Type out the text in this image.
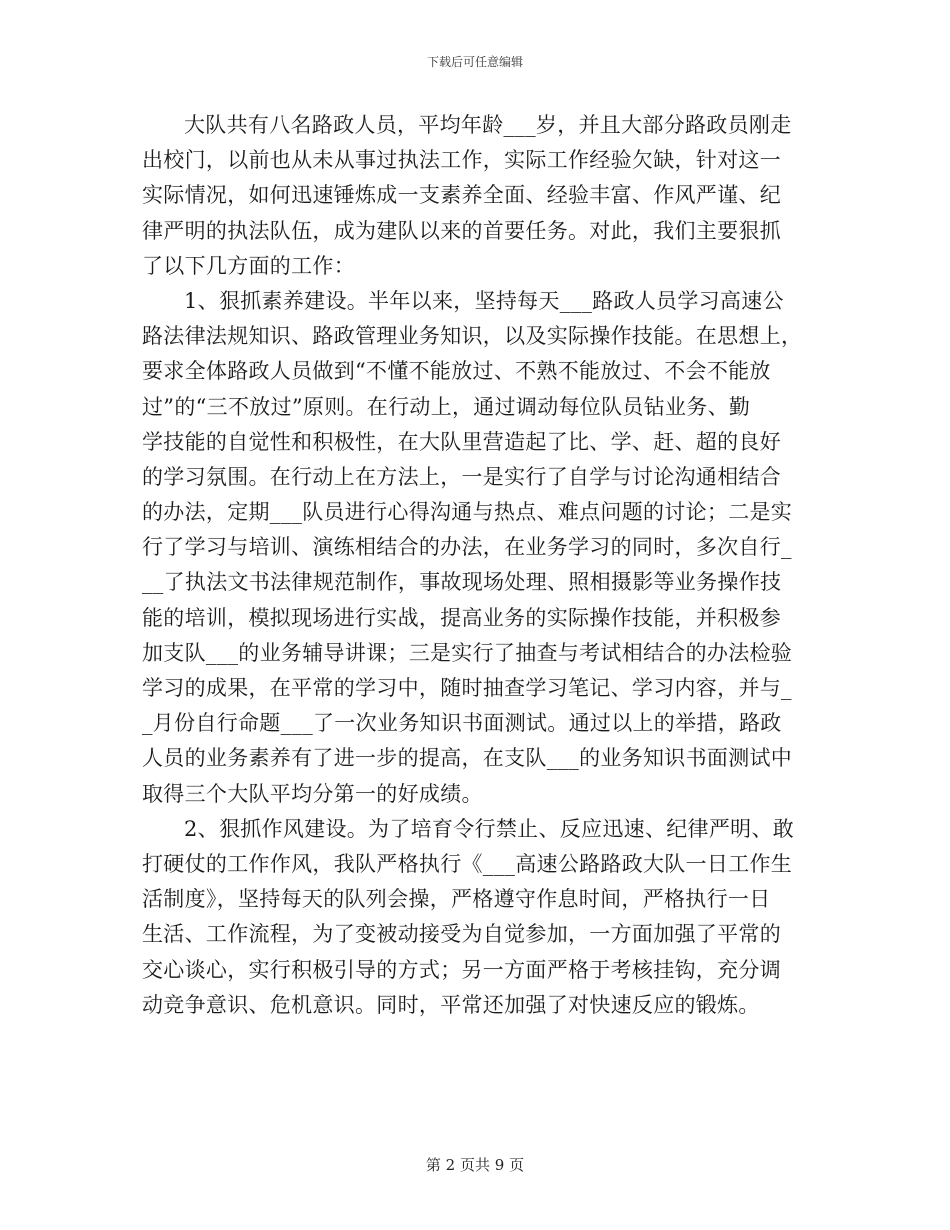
下载后可任意编辑
大队共有八名路政人员，平均年龄___岁，并且大部分路政员刚走
出校门，以前也从未从事过执法工作，实际工作经验欠缺，针对这一
实际情况，如何迅速锤炼成一支素养全面、经验丰富、作风严谨、纪
律严明的执法队伍，成为建队以来的首要任务。对此，我们主要狠抓
了以下几方面的工作：
1、狠抓素养建设。半年以来，坚持每天___路政人员学习高速公
路法律法规知识、路政管理业务知识，以及实际操作技能。在思想上，
要求全体路政人员做到“不懂不能放过、不熟不能放过、不会不能放
过”的“三不放过”原则。在行动上，通过调动每位队员钻业务、勤
学技能的自觉性和积极性，在大队里营造起了比、学、赶、超的良好
的学习氛围。在行动上在方法上，一是实行了自学与讨论沟通相结合
的办法，定期___队员进行心得沟通与热点、难点问题的讨论；二是实
行了学习与培训、演练相结合的办法，在业务学习的同时，多次自行_
__了执法文书法律规范制作，事故现场处理、照相摄影等业务操作技
能的培训，模拟现场进行实战，提高业务的实际操作技能，并积极参
加支队___的业务辅导讲课；三是实行了抽查与考试相结合的办法检验
学习的成果，在平常的学习中，随时抽查学习笔记、学习内容，并与_
_月份自行命题___了一次业务知识书面测试。通过以上的举措，路政
人员的业务素养有了进一步的提高，在支队___的业务知识书面测试中
取得三个大队平均分第一的好成绩。
2、狠抓作风建设。为了培育令行禁止、反应迅速、纪律严明、敢
打硬仗的工作作风，我队严格执行《___高速公路路政大队一日工作生
活制度》，坚持每天的队列会操，严格遵守作息时间，严格执行一日
生活、工作流程，为了变被动接受为自觉参加，一方面加强了平常的
交心谈心，实行积极引导的方式；另一方面严格于考核挂钩，充分调
动竞争意识、危机意识。同时，平常还加强了对快速反应的锻炼。
第 2 页共 9 页
